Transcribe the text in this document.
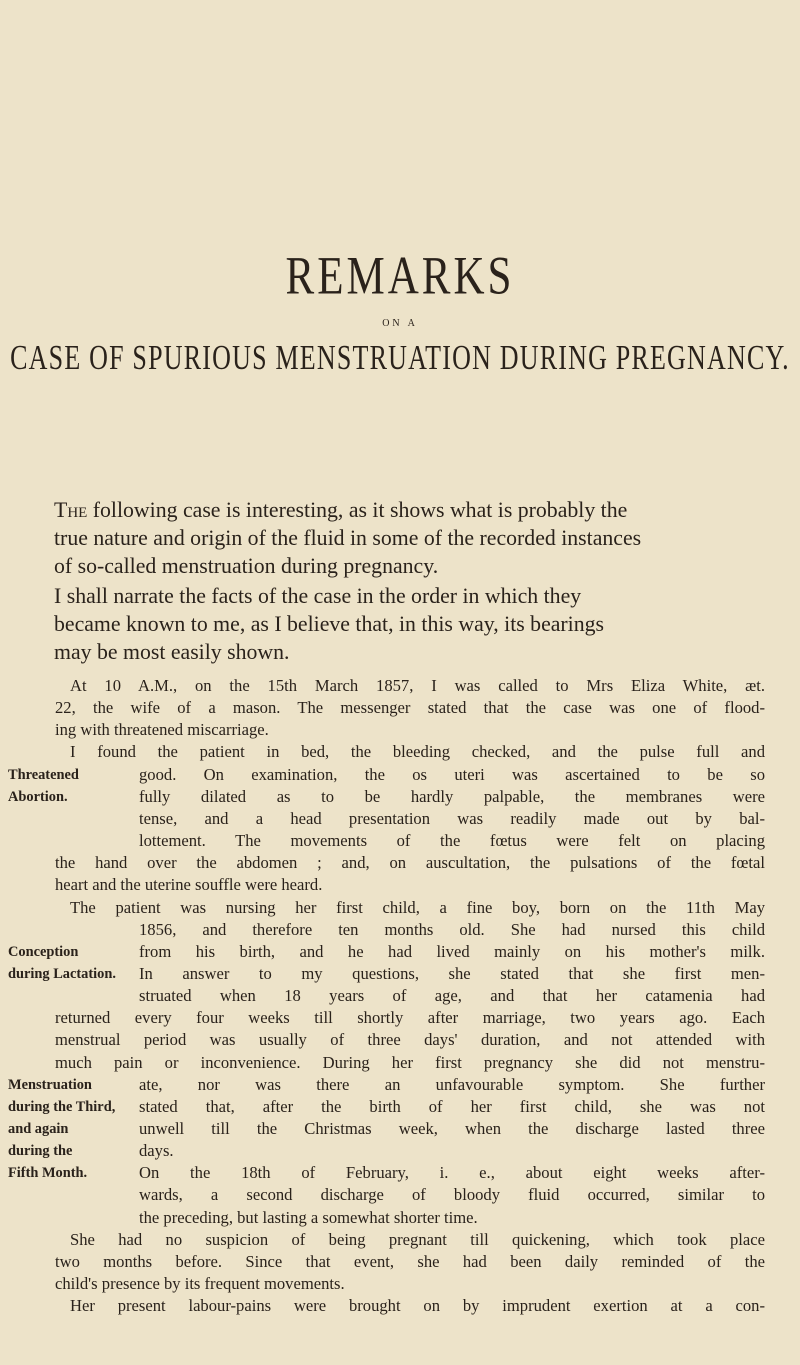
REMARKS
ON A
CASE OF SPURIOUS MENSTRUATION DURING PREGNANCY.

The following case is interesting, as it shows what is probably the
true nature and origin of the fluid in some of the recorded instances
of so-called menstruation during pregnancy.

I shall narrate the facts of the case in the order in which they
became known to me, as I believe that, in this way, its bearings
may be most easily shown.

At 10 A.M., on the 15th March 1857, I was called to Mrs Eliza White, æt.
22, the wife of a mason. The messenger stated that the case was one of flood-
ing with threatened miscarriage.
I found the patient in bed, the bleeding checked, and the pulse full and
good. On examination, the os uteri was ascertained to be so
fully dilated as to be hardly palpable, the membranes were
tense, and a head presentation was readily made out by bal-
lottement. The movements of the fœtus were felt on placing
the hand over the abdomen ; and, on auscultation, the pulsations of the fœtal
heart and the uterine souffle were heard.
The patient was nursing her first child, a fine boy, born on the 11th May
1856, and therefore ten months old. She had nursed this child
from his birth, and he had lived mainly on his mother's milk.
In answer to my questions, she stated that she first men-
struated when 18 years of age, and that her catamenia had
returned every four weeks till shortly after marriage, two years ago. Each
menstrual period was usually of three days' duration, and not attended with
much pain or inconvenience. During her first pregnancy she did not menstru-
ate, nor was there an unfavourable symptom. She further
stated that, after the birth of her first child, she was not
unwell till the Christmas week, when the discharge lasted three
days.
On the 18th of February, i. e., about eight weeks after-
wards, a second discharge of bloody fluid occurred, similar to
the preceding, but lasting a somewhat shorter time.
She had no suspicion of being pregnant till quickening, which took place
two months before. Since that event, she had been daily reminded of the
child's presence by its frequent movements.
Her present labour-pains were brought on by imprudent exertion at a con-
Threatened
Abortion.
Conception
during Lactation.
Menstruation
during the Third,
and again
during the
Fifth Month.
